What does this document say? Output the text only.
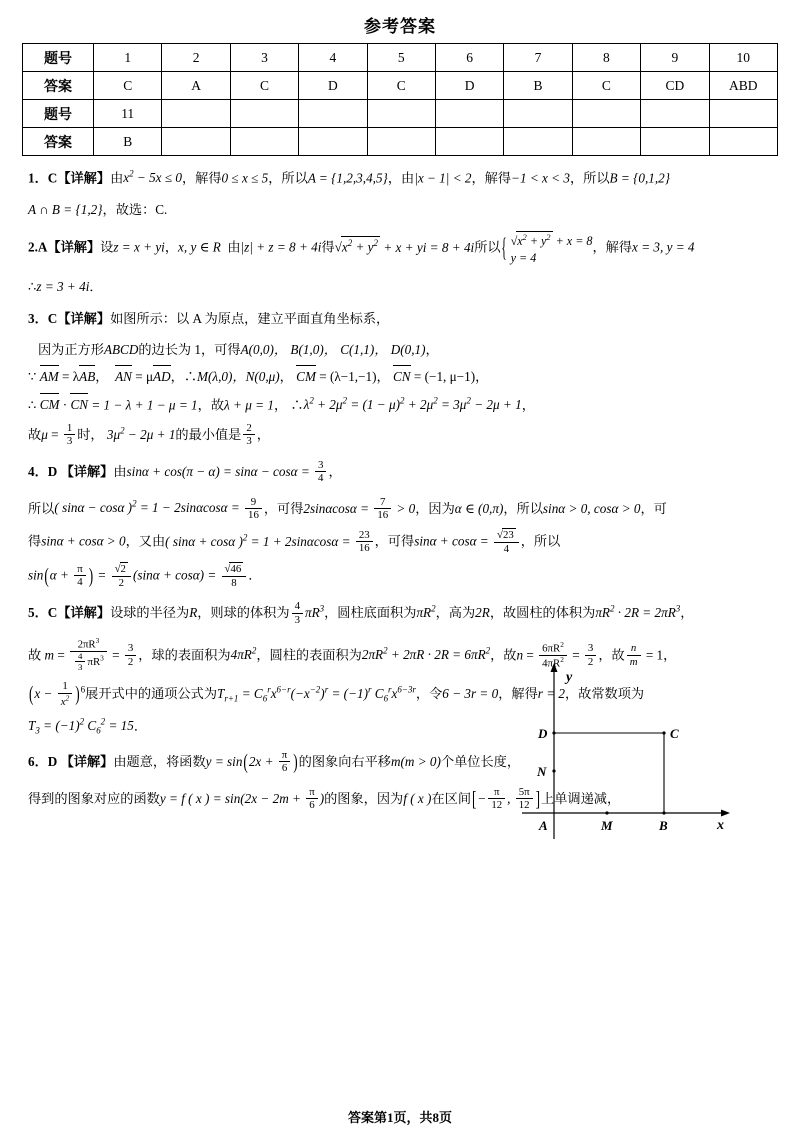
参考答案
题号	1	2	3	4	5	6	7	8	9	10
答案	C	A	C	D	C	D	B	C	CD	ABD
题号	11									
答案	B									
1．C【详解】由$x^2 - 5x \le 0$，解得0 ≤ x ≤ 5，所以A = {1,2,3,4,5}，由|x − 1| < 2，解得−1 < x < 3，所以B = {0,1,2}
A ∩ B = {1,2}，故选：C.
2.A【详解】设z = x + yi，x, y ∈ R 由|z| + z = 8 + 4i得$√x^2 + y^2 + x$ + yi = 8 + 4i所以 { $√x^2 + y^2 + x = 8$
y = 4，解得x = 3, y = 4
∴z = 3 + 4i．
3．C【详解】如图所示：以 A 为原点，建立平面直角坐标系，
因为正方形ABCD的边长为 1，可得A(0,0)， B(1,0)， C(1,1)， D(0,1)，
∵ AM = λAB，  AN = μAD，∴M(λ,0)，N(0,μ)， CM = (λ−1,−1)， CN = (−1, μ−1)，
∴ CM · CN = 1 − λ + 1 − μ = 1，故λ + μ = 1， $\therefore\lambda^2 + 2\mu^2 = (1 - \mu)^2 + 2\mu^2 = 3\mu^2 - 2\mu + 1$，
故$\mu = \frac{1}{3}$ 时， $3\mu^2 - 2\mu + 1$的最小值是 $\frac{2}{3}$ ，
y
x
D	C
N
A	M	B
4．D 【详解】由$\sin\alpha + \cos(\pi - \alpha) = \sin\alpha - \cos\alpha = \frac{3}{4}$ ，
所以( sinα − cosα )$^2 = 1 - 2\sin\alpha\cos\alpha = \frac{9}{16}$ ，可得$2\sin\alpha\cos\alpha = \frac{7}{16} > 0$，因为α ∈ (0,π)，所以sinα > 0, cosα > 0，可
得sinα + cosα > 0，又由( sinα + cosα )$^2 = 1 + 2\sin\alpha\cos\alpha = \frac{23}{16}$ ，可得$\sin\alpha + \cos\alpha = \frac{√23}{4}$ ，所以
$\sin(\alpha + \frac{\pi}{4}$ ) = $\frac{√2}{2} (\sin\alpha + \cos\alpha) = \frac{√46}{8}$ ．
5．C【详解】设球的半径为R，则球的体积为 $\frac{4}{3} \pi R^3$，圆柱底面积为$\pi R^2$，高为2R，故圆柱的体积为$\pi R^2 \cdot 2R = 2\pi R^3$，
故 $m = \frac{2\pi R^3}{\frac{4}{3} \pi R^3} = \frac{3}{2}$ ，球的表面积为$4\pi R^2$，圆柱的表面积为$2\pi R^2 + 2\pi R \cdot 2R = 6\pi R^2$，故$n = \frac{6\pi R^2}{4\pi R^2} = \frac{3}{2}$ ，故 $\frac{n}{m} = 1$，
$(x - \frac{1}{x^2} )^6$展开式中的通项公式为$T_{r+1} = C_6^rx^{6-r}(-x^{-2})^r = (-1)^r$ $C_6^rx^{6-3r}$，令6 − 3r = 0，解得r = 2，故常数项为
$T_3 = (-1)^2$ $C_6^2 = 15$．
6．D 【详解】由题意，将函数$y = \sin(2x + \frac{\pi}{6}$ )的图象向右平移m(m > 0)个单位长度，
得到的图象对应的函数y = f ( x ) = $\sin(2x - 2m + \frac{\pi}{6}$ )的图象，因为f ( x )在区间[− $\frac{\pi}{12}$ , $\frac{5\pi}{12}$ ]上单调递减，
答案第1页，共8页
